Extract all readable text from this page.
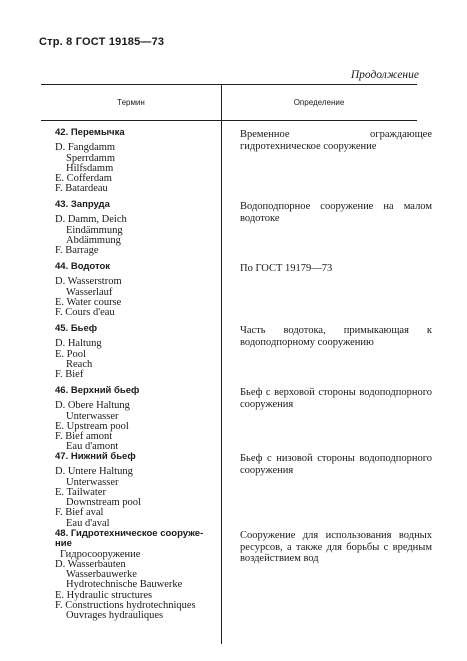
Стр. 8 ГОСТ 19185—73
Продолжение
Термин	Определение
42. Перемычка
D. Fangdamm
Sperrdamm
Hilfsdamm
E. Cofferdam
F. Batardeau
Временное ограждающее гидротехническое сооружение
43. Запруда
D. Damm, Deich
Eindämmung
Abdämmung
F. Barrage
Водоподпорное сооружение на малом водотоке
44. Водоток
D. Wasserstrom
Wasserlauf
E. Water course
F. Cours d'eau
По ГОСТ 19179—73
45. Бьеф
D. Haltung
E. Pool
Reach
F. Bief
Часть водотока, примыкающая к водоподпорному сооружению
46. Верхний бьеф
D. Obere Haltung
Unterwasser
E. Upstream pool
F. Bief amont
Eau d'amont
Бьеф с верховой стороны водоподпорного сооружения
47. Нижний бьеф
D. Untere Haltung
Unterwasser
E. Tailwater
Downstream pool
F. Bief aval
Eau d'aval
Бьеф с низовой стороны водоподпорного сооружения
48. Гидротехническое сооруже-
ние
Гидросооружение
D. Wasserbauten
Wasserbauwerke
Hydrotechnische Bauwerke
E. Hydraulic structures
F. Constructions hydrotechniques
Ouvrages hydrauliques
Сооружение для использования водных ресурсов, а также для борьбы с вредным воздействием вод
